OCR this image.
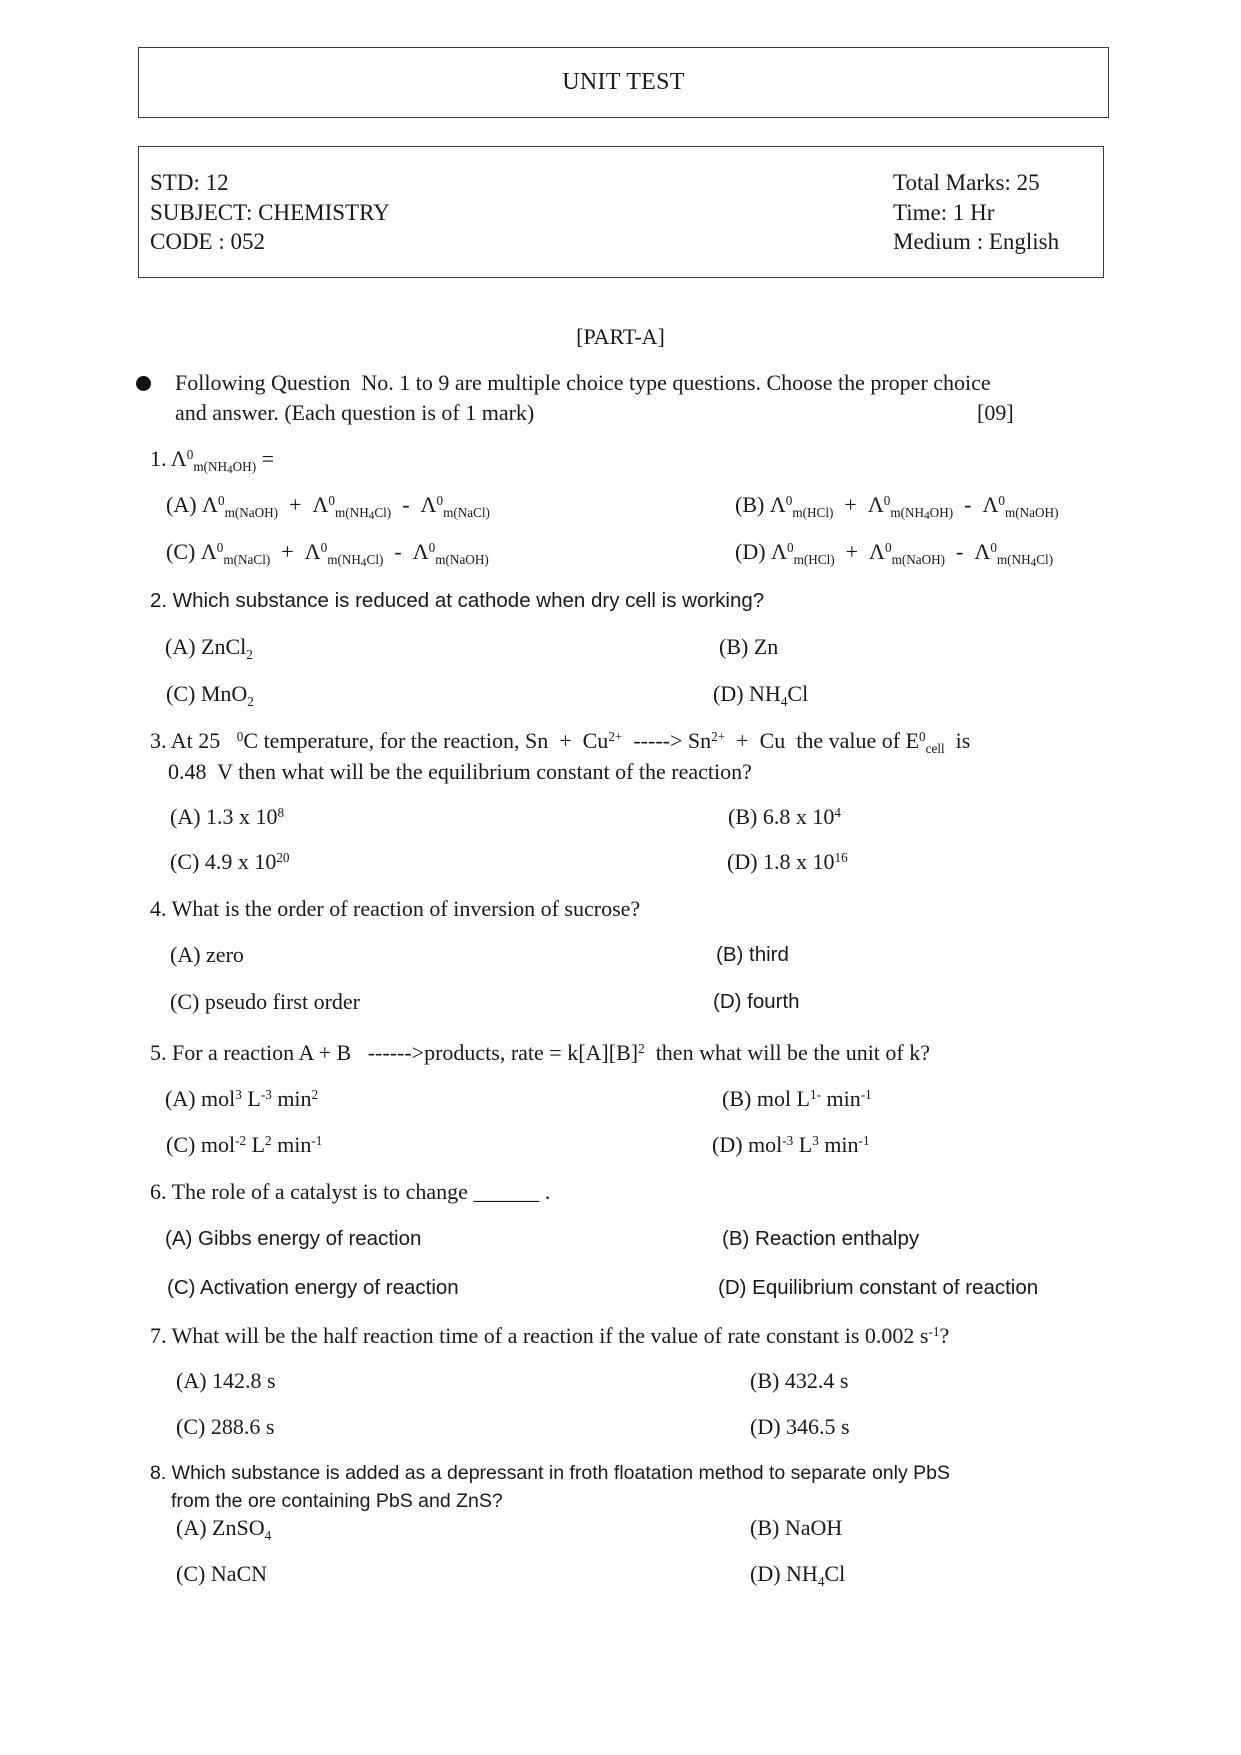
UNIT TEST
STD: 12
SUBJECT: CHEMISTRY
CODE : 052
Total Marks: 25
Time: 1 Hr
Medium : English
[PART-A]
Following Question  No. 1 to 9 are multiple choice type questions. Choose the proper choice
and answer. (Each question is of 1 mark)	[09]
1. $\Lambda^0_{m(NH_4OH)}$ =
(A) $\Lambda^0_{m(NaOH)} + \Lambda^0_{m(NH_4Cl)} - \Lambda^0_{m(NaCl)}$	(B) $\Lambda^0_{m(HCl)} + \Lambda^0_{m(NH_4OH)} - \Lambda^0_{m(NaOH)}$
(C) $\Lambda^0_{m(NaCl)} + \Lambda^0_{m(NH_4Cl)} - \Lambda^0_{m(NaOH)}$	(D) $\Lambda^0_{m(HCl)} + \Lambda^0_{m(NaOH)} - \Lambda^0_{m(NH_4Cl)}$
2. Which substance is reduced at cathode when dry cell is working?
(A) ZnCl$_2$	(B) Zn
(C) MnO$_2$	(D) $NH_4Cl$
3. At 25   $^0$C temperature, for the reaction, $Sn + Cu^{2+}$  -----> $Sn^{2+} + Cu$  the value of $E^0_{cell}$  is
0.48  V then what will be the equilibrium constant of the reaction?
(A) 1.3 x $10^8$	(B) 6.8 x $10^4$
(C) 4.9 x $10^{20}$	(D) 1.8 x $10^{16}$
4. What is the order of reaction of inversion of sucrose?
(A) zero	(B) third
(C) pseudo first order	(D) fourth
5. For a reaction A + B   ------>products, rate = $k[A][B]^2$  then what will be the unit of k?
(A) mol$^3$ $L^{-3}$ $\min^2$	(B) mol $L^{1-}$ $\min^{-1}$
(C) mol$^{-2}$ $L^2$ $\min^{-1}$	(D) mol$^{-3}$ $L^3$ $\min^{-1}$
6. The role of a catalyst is to change ______ .
(A) Gibbs energy of reaction	(B) Reaction enthalpy
(C) Activation energy of reaction	(D) Equilibrium constant of reaction
7. What will be the half reaction time of a reaction if the value of rate constant is 0.002 $s^{-1}$?
(A) 142.8 s	(B) 432.4 s
(C) 288.6 s	(D) 346.5 s
8. Which substance is added as a depressant in froth floatation method to separate only PbS
from the ore containing PbS and ZnS?
(A) ZnSO$_4$	(B) NaOH
(C) NaCN	(D) $NH_4Cl$
